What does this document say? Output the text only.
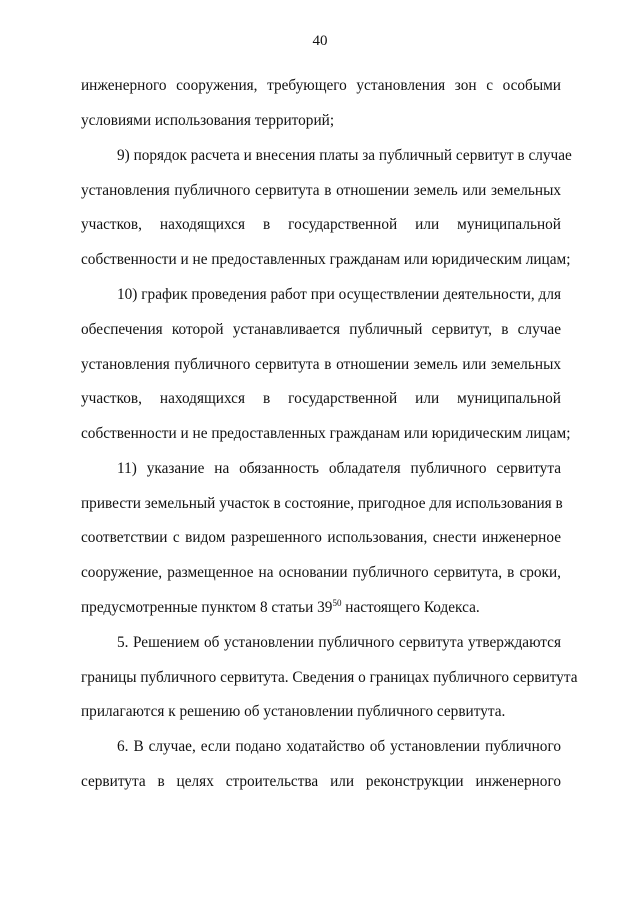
40
инженерного сооружения, требующего установления зон с особыми
условиями использования территорий;
9) порядок расчета и внесения платы за публичный сервитут в случае
установления публичного сервитута в отношении земель или земельных
участков, находящихся в государственной или муниципальной
собственности и не предоставленных гражданам или юридическим лицам;
10) график проведения работ при осуществлении деятельности, для
обеспечения которой устанавливается публичный сервитут, в случае
установления публичного сервитута в отношении земель или земельных
участков, находящихся в государственной или муниципальной
собственности и не предоставленных гражданам или юридическим лицам;
11) указание на обязанность обладателя публичного сервитута
привести земельный участок в состояние, пригодное для использования в
соответствии с видом разрешенного использования, снести инженерное
сооружение, размещенное на основании публичного сервитута, в сроки,
предусмотренные пунктом 8 статьи $39^{50}$ настоящего Кодекса.
5. Решением об установлении публичного сервитута утверждаются
границы публичного сервитута. Сведения о границах публичного сервитута
прилагаются к решению об установлении публичного сервитута.
6. В случае, если подано ходатайство об установлении публичного
сервитута в целях строительства или реконструкции инженерного
